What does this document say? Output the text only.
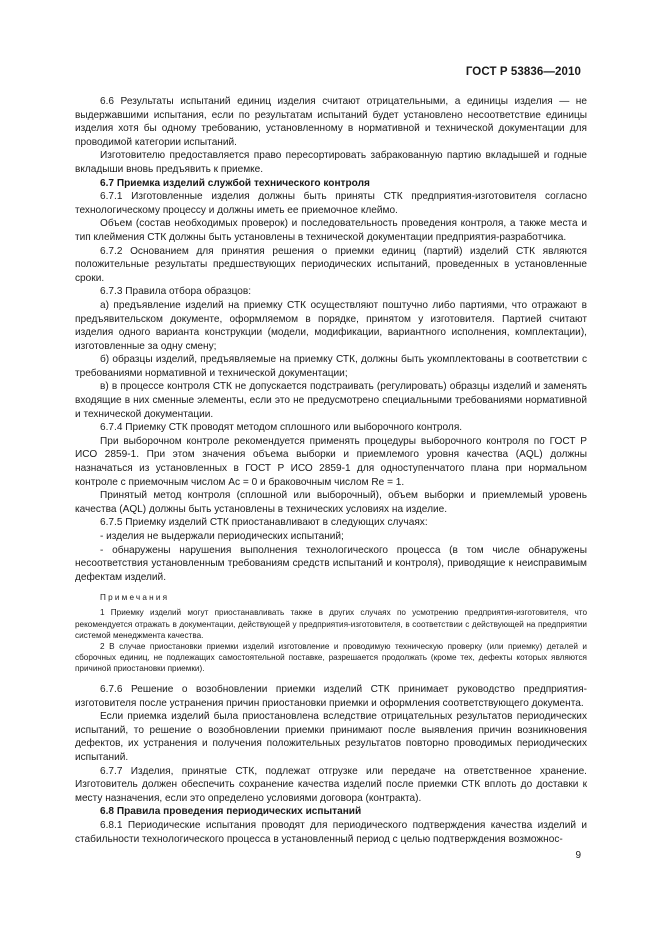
ГОСТ Р 53836—2010

6.6 Результаты испытаний единиц изделия считают отрицательными, а единицы изделия — не выдержавшими испытания, если по результатам испытаний будет установлено несоответствие единицы изделия хотя бы одному требованию, установленному в нормативной и технической документации для проводимой категории испытаний.

Изготовителю предоставляется право пересортировать забракованную партию вкладышей и годные вкладыши вновь предъявить к приемке.

6.7 Приемка изделий службой технического контроля

6.7.1 Изготовленные изделия должны быть приняты СТК предприятия-изготовителя согласно технологическому процессу и должны иметь ее приемочное клеймо.

Объем (состав необходимых проверок) и последовательность проведения контроля, а также места и тип клеймения СТК должны быть установлены в технической документации предприятия-разработчика.

6.7.2 Основанием для принятия решения о приемки единиц (партий) изделий СТК являются положительные результаты предшествующих периодических испытаний, проведенных в установленные сроки.

6.7.3 Правила отбора образцов:

а) предъявление изделий на приемку СТК осуществляют поштучно либо партиями, что отражают в предъявительском документе, оформляемом в порядке, принятом у изготовителя. Партией считают изделия одного варианта конструкции (модели, модификации, вариантного исполнения, комплектации), изготовленные за одну смену;

б) образцы изделий, предъявляемые на приемку СТК, должны быть укомплектованы в соответствии с требованиями нормативной и технической документации;

в) в процессе контроля СТК не допускается подстраивать (регулировать) образцы изделий и заменять входящие в них сменные элементы, если это не предусмотрено специальными требованиями нормативной и технической документации.

6.7.4 Приемку СТК проводят методом сплошного или выборочного контроля.

При выборочном контроле рекомендуется применять процедуры выборочного контроля по ГОСТ Р ИСО 2859-1. При этом значения объема выборки и приемлемого уровня качества (AQL) должны назначаться из установленных в ГОСТ Р ИСО 2859-1 для одноступенчатого плана при нормальном контроле с приемочным числом Ас = 0 и браковочным числом Re = 1.

Принятый метод контроля (сплошной или выборочный), объем выборки и приемлемый уровень качества (AQL) должны быть установлены в технических условиях на изделие.

6.7.5 Приемку изделий СТК приостанавливают в следующих случаях:

- изделия не выдержали периодических испытаний;

- обнаружены нарушения выполнения технологического процесса (в том числе обнаружены несоответствия установленным требованиям средств испытаний и контроля), приводящие к неисправимым дефектам изделий.

Примечания

1 Приемку изделий могут приостанавливать также в других случаях по усмотрению предприятия-изготовителя, что рекомендуется отражать в документации, действующей у предприятия-изготовителя, в соответствии с действующей на предприятии системой менеджмента качества.

2 В случае приостановки приемки изделий изготовление и проводимую техническую проверку (или приемку) деталей и сборочных единиц, не подлежащих самостоятельной поставке, разрешается продолжать (кроме тех, дефекты которых являются причиной приостановки приемки).

6.7.6 Решение о возобновлении приемки изделий СТК принимает руководство предприятия-изготовителя после устранения причин приостановки приемки и оформления соответствующего документа.

Если приемка изделий была приостановлена вследствие отрицательных результатов периодических испытаний, то решение о возобновлении приемки принимают после выявления причин возникновения дефектов, их устранения и получения положительных результатов повторно проводимых периодических испытаний.

6.7.7 Изделия, принятые СТК, подлежат отгрузке или передаче на ответственное хранение. Изготовитель должен обеспечить сохранение качества изделий после приемки СТК вплоть до доставки к месту назначения, если это определено условиями договора (контракта).

6.8 Правила проведения периодических испытаний

6.8.1 Периодические испытания проводят для периодического подтверждения качества изделий и стабильности технологического процесса в установленный период с целью подтверждения возможнос-

9
